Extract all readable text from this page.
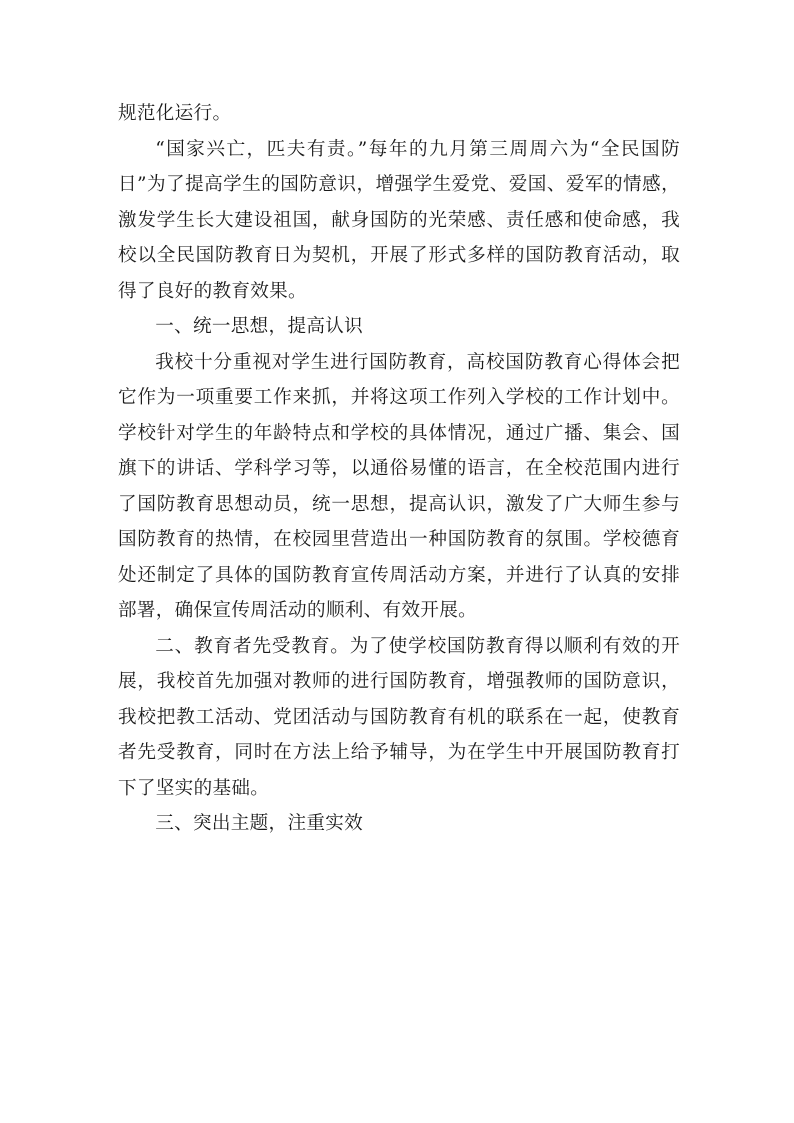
规范化运行。

“国家兴亡，匹夫有责。”每年的九月第三周周六为“全民国防日”为了提高学生的国防意识，增强学生爱党、爱国、爱军的情感，激发学生长大建设祖国，献身国防的光荣感、责任感和使命感，我校以全民国防教育日为契机，开展了形式多样的国防教育活动，取得了良好的教育效果。

一、统一思想，提高认识

我校十分重视对学生进行国防教育，高校国防教育心得体会把它作为一项重要工作来抓，并将这项工作列入学校的工作计划中。学校针对学生的年龄特点和学校的具体情况，通过广播、集会、国旗下的讲话、学科学习等，以通俗易懂的语言，在全校范围内进行了国防教育思想动员，统一思想，提高认识，激发了广大师生参与国防教育的热情，在校园里营造出一种国防教育的氛围。学校德育处还制定了具体的国防教育宣传周活动方案，并进行了认真的安排部署，确保宣传周活动的顺利、有效开展。

二、教育者先受教育。为了使学校国防教育得以顺利有效的开展，我校首先加强对教师的进行国防教育，增强教师的国防意识，我校把教工活动、党团活动与国防教育有机的联系在一起，使教育者先受教育，同时在方法上给予辅导，为在学生中开展国防教育打下了坚实的基础。

三、突出主题，注重实效
